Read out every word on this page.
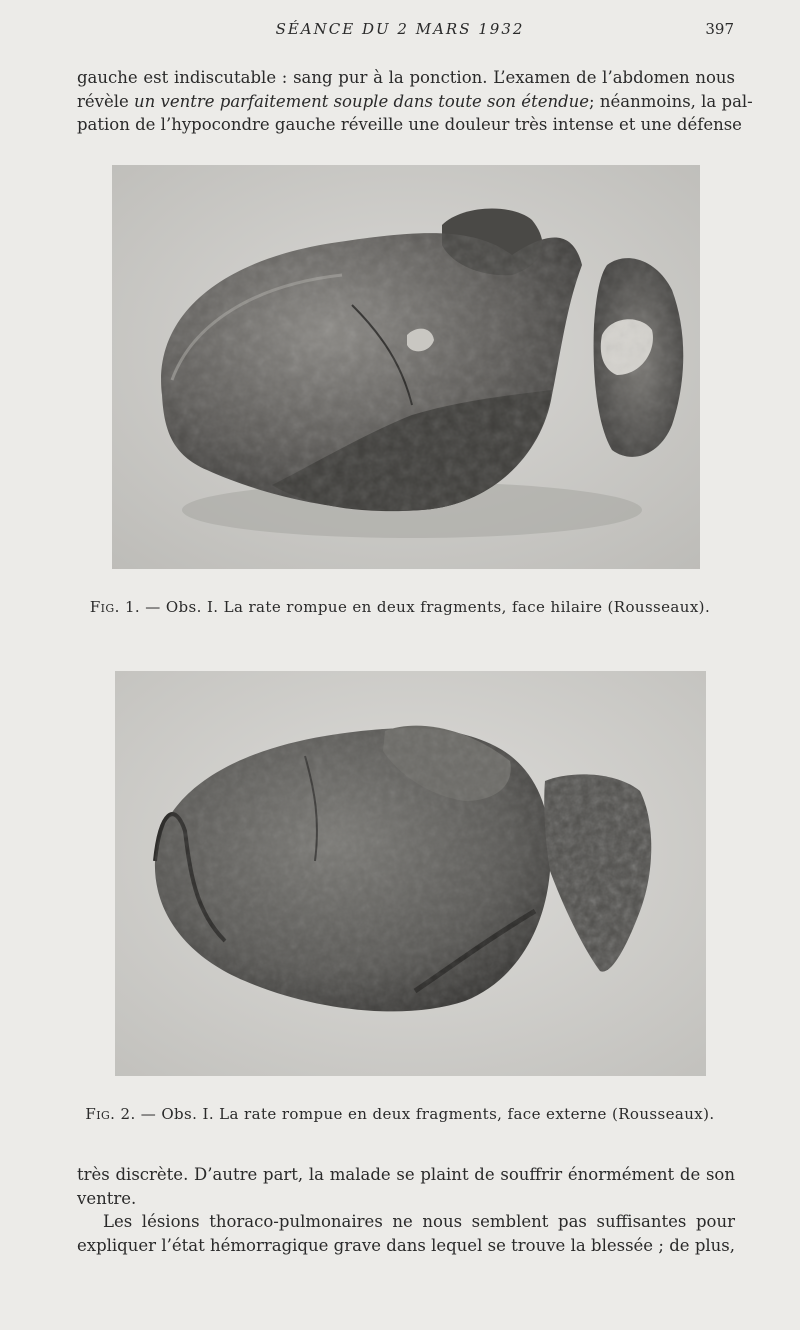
SÉANCE DU 2 MARS 1932	397
gauche est indiscutable : sang pur à la ponction. L’examen de l’abdomen nous
révèle un ventre parfaitement souple dans toute son étendue; néanmoins, la pal-
pation de l’hypocondre gauche réveille une douleur très intense et une défense
Fig. 1. — Obs. I. La rate rompue en deux fragments, face hilaire (Rousseaux).
Fig. 2. — Obs. I. La rate rompue en deux fragments, face externe (Rousseaux).
très discrète. D’autre part, la malade se plaint de souffrir énormément de son
ventre.
Les lésions thoraco-pulmonaires ne nous semblent pas suffisantes pour
expliquer l’état hémorragique grave dans lequel se trouve la blessée ; de plus,
